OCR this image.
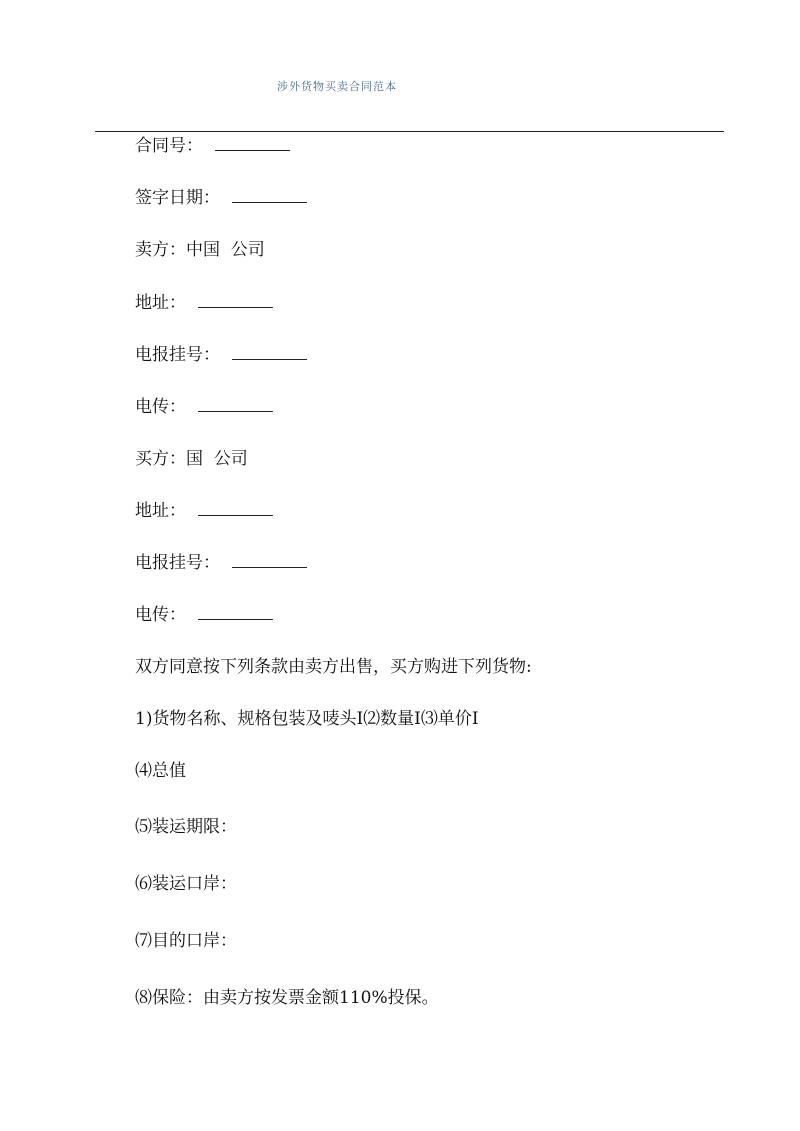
涉外货物买卖合同范本
合同号：
签字日期：
卖方：中国  公司
地址：
电报挂号：
电传：
买方：国  公司
地址：
电报挂号：
电传：
双方同意按下列条款由卖方出售，买方购进下列货物:
1)货物名称、规格包装及唛头I⑵数量I⑶单价I
⑷总值
⑸装运期限：
⑹装运口岸：
⑺目的口岸：
⑻保险：由卖方按发票金额110%投保。
